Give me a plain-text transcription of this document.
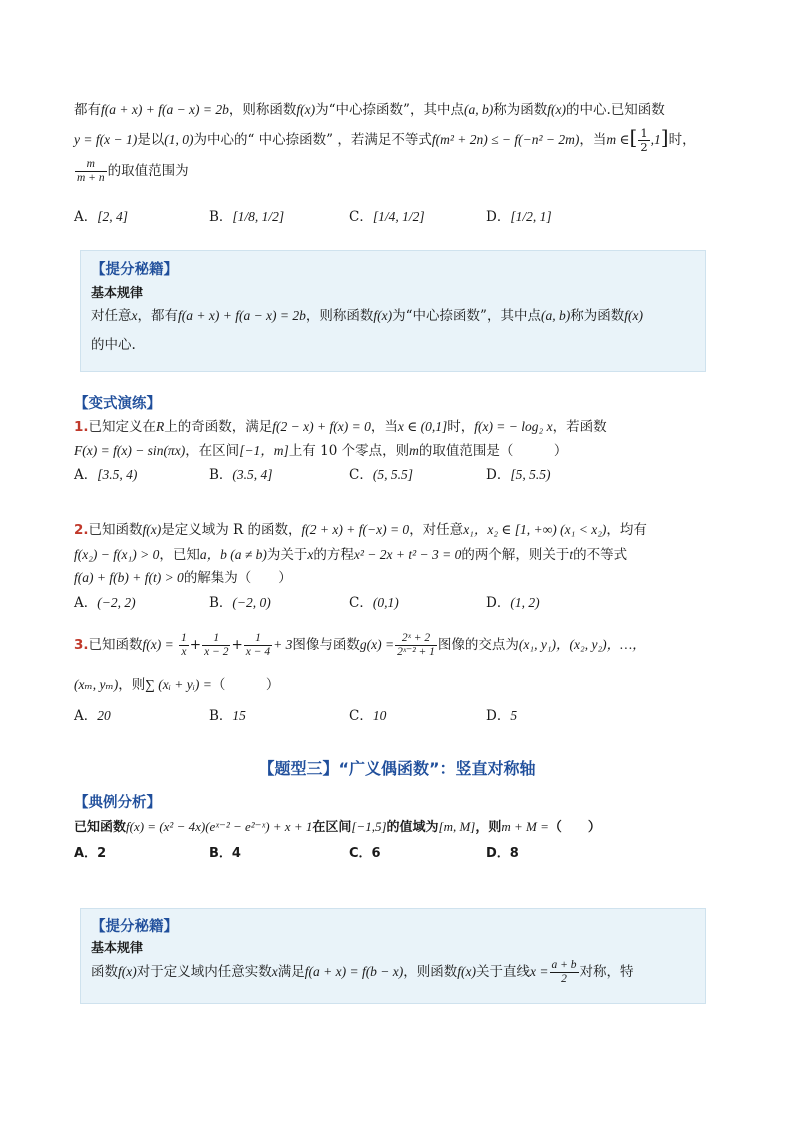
都有f(a + x) + f(a − x) = 2b，则称函数f(x)为“中心捺函数”，其中点(a, b)称为函数f(x)的中心.已知函数
y = f(x − 1)是以(1, 0)为中心的“ 中心捺函数” ，若满足不等式f(m² + 2n) ≤ − f(−n² − 2m)，当m ∈[ $\frac{1}{2} ,1$]时，
$\frac{m}{m + n}$ 的取值范围为
A．[2, 4]	B．[1/8, 1/2]	C．[1/4, 1/2]	D．[1/2, 1]
【提分秘籍】
基本规律
对任意x，都有f(a + x) + f(a − x) = 2b，则称函数f(x)为“中心捺函数”，其中点(a, b)称为函数f(x)
的中心.
【变式演练】
1.已知定义在R上的奇函数，满足f(2 − x) + f(x) = 0，当x ∈ (0,1]时，f(x) = − log₂ x，若函数
F(x) = f(x) − sin(πx)，在区间[−1，m]上有 10 个零点，则m的取值范围是（　　　）
A．[3.5, 4)	B．(3.5, 4]	C．(5, 5.5]	D．[5, 5.5)
2.已知函数f(x)是定义域为 R 的函数，f(2 + x) + f(−x) = 0，对任意x₁，x₂ ∈ [1, +∞) (x₁ < x₂)，均有
f(x₂) − f(x₁) > 0，已知a，b (a ≠ b)为关于x的方程x² − 2x + t² − 3 = 0的两个解，则关于t的不等式
f(a) + f(b) + f(t) > 0的解集为（　　）
A．(−2, 2)	B．(−2, 0)	C．(0,1)	D．(1, 2)
3.已知函数$f(x) = \frac{1}{x} + \frac{1}{x - 2} + \frac{1}{x - 4} + 3$图像与函数$g(x) = \frac{\text{2ˣ + 2}}{\text{2ˣ⁻² + 1}}$ 图像的交点为(x₁, y₁)，(x₂, y₂)，…，
(xₘ, yₘ)，则∑ (xᵢ + yᵢ) =（　　　）
A．20	B．15	C．10	D．5
【题型三】“广义偶函数”：竖直对称轴
【典例分析】
已知函数f(x) = (x² − 4x)(eˣ⁻² − e²⁻ˣ) + x + 1在区间[−1,5]的值域为[m, M]，则m + M =（　　）
A．2	B．4	C．6	D．8
【提分秘籍】
基本规律
函数f(x)对于定义域内任意实数x满足f(a + x) = f(b − x)，则函数f(x)关于直线$x = \frac{a + b}{2}$ 对称，特
